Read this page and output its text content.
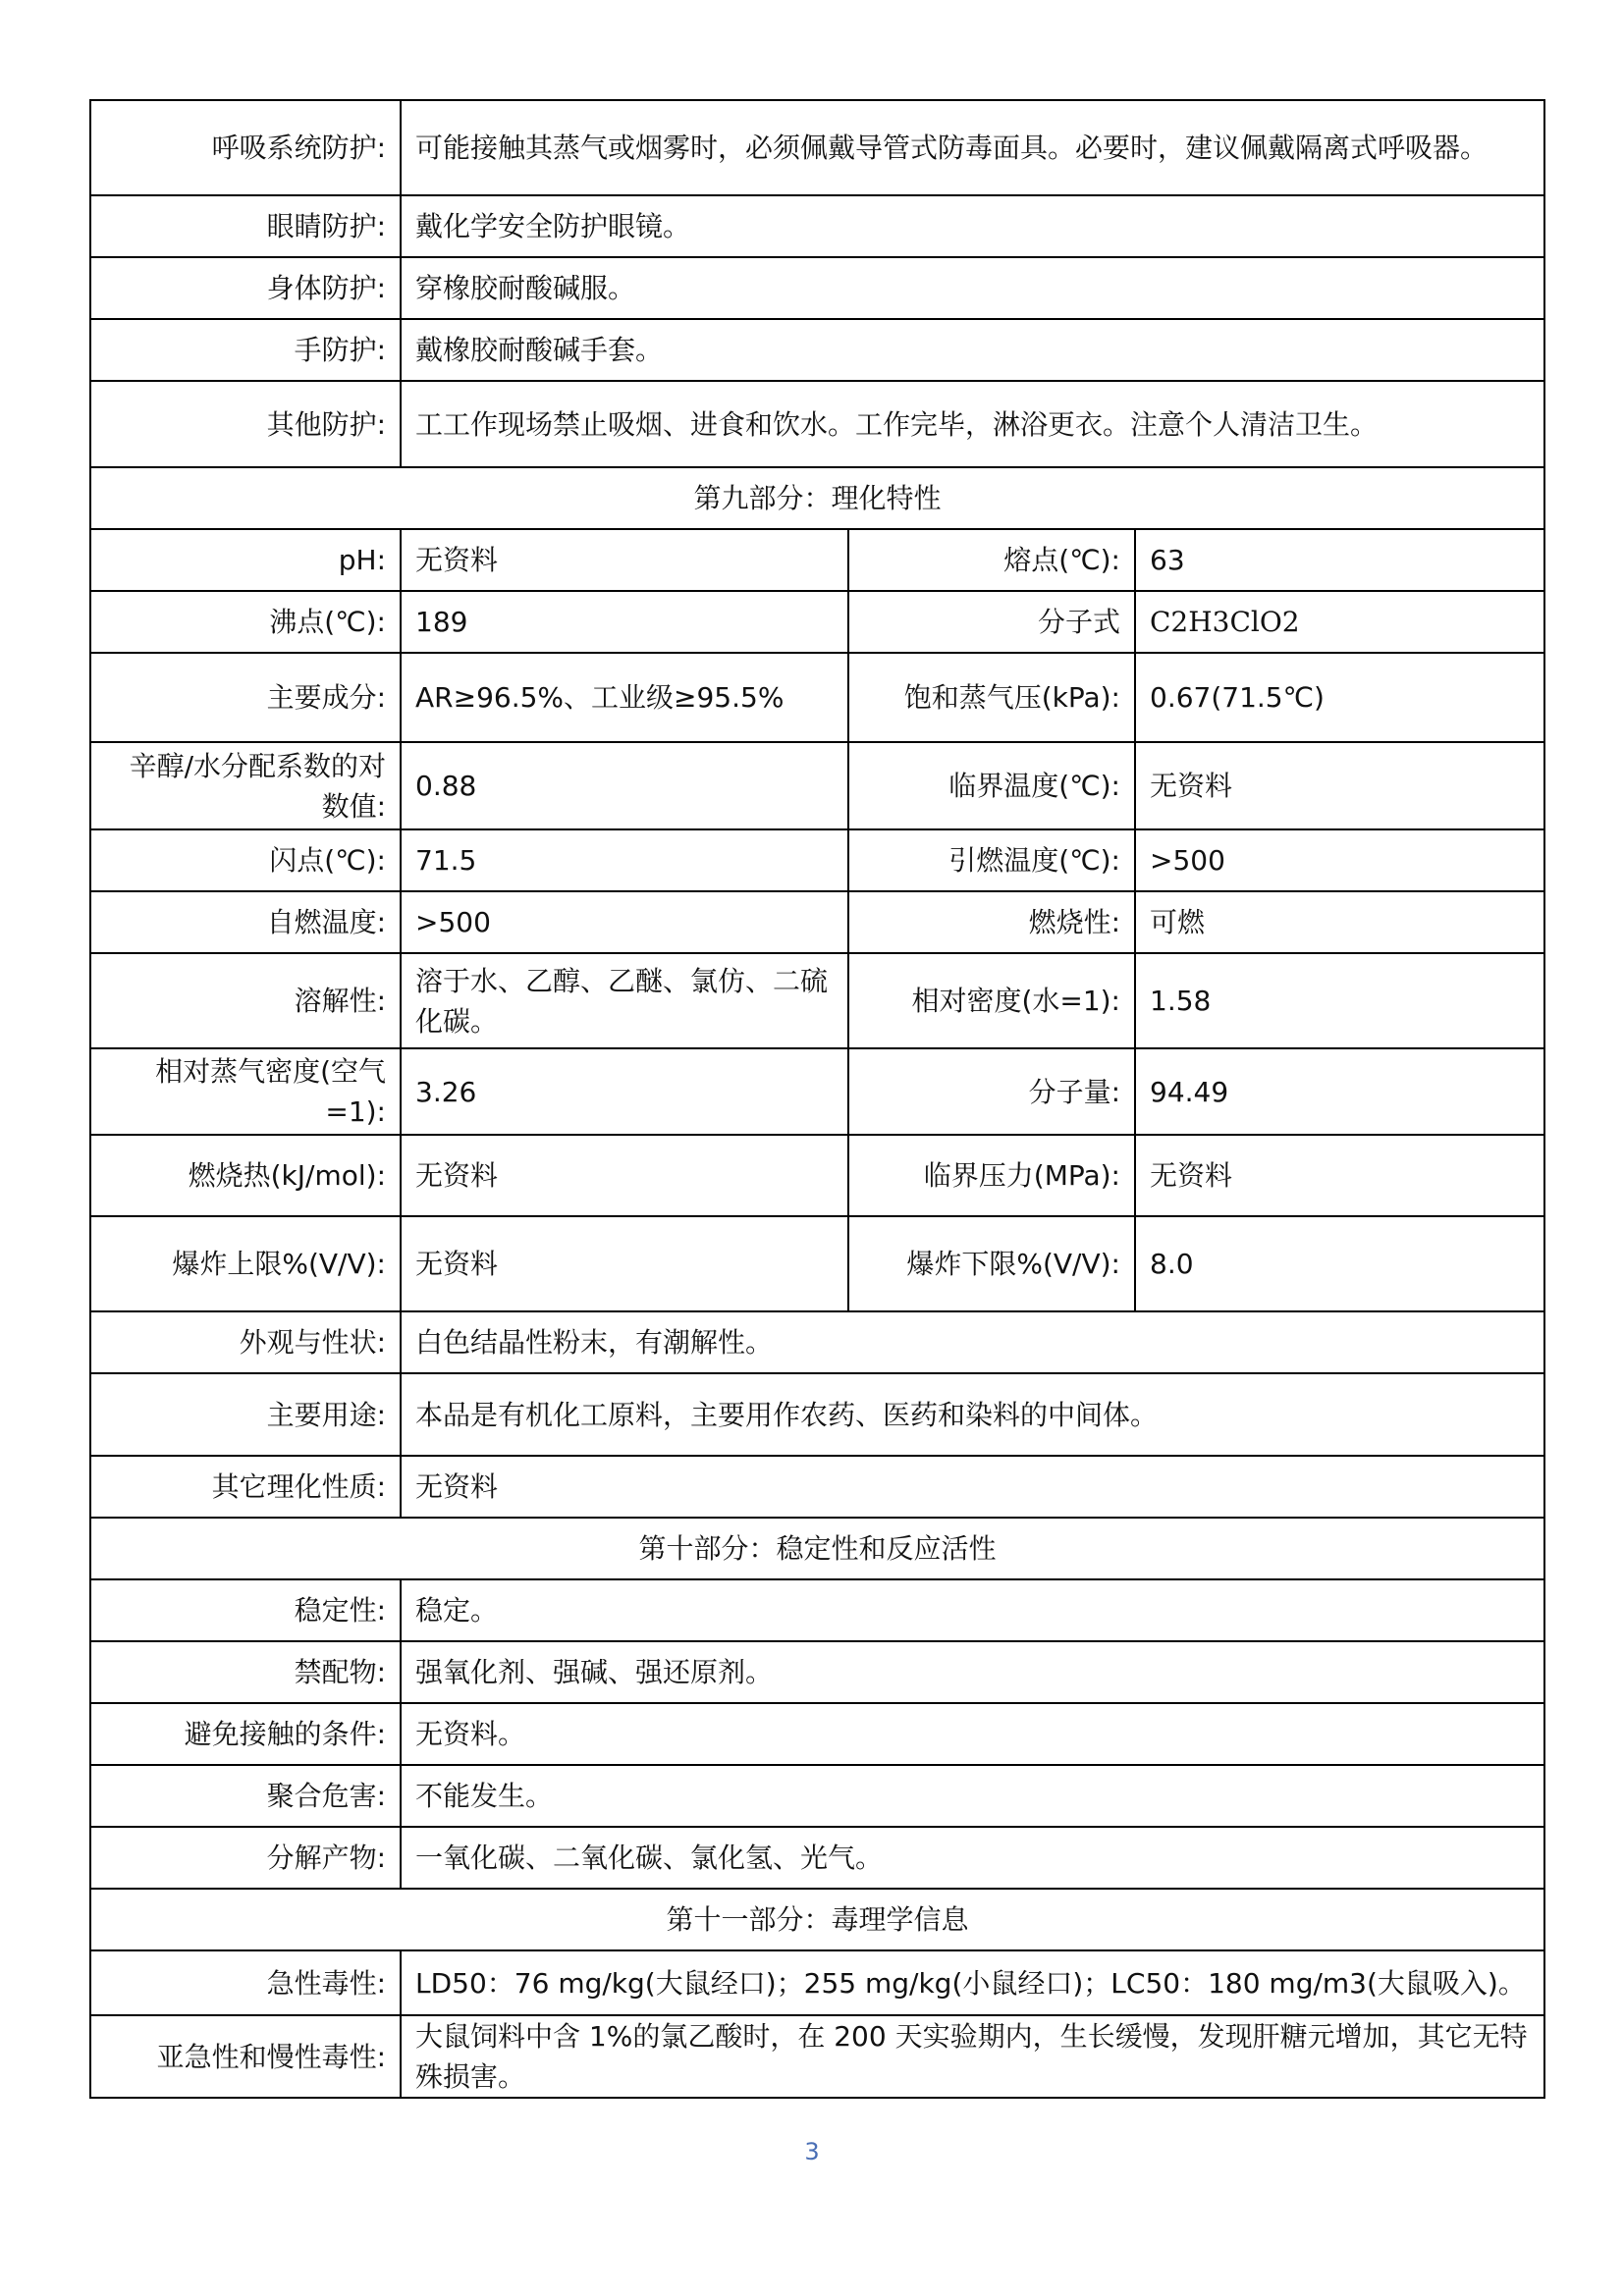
呼吸系统防护:	可能接触其蒸气或烟雾时，必须佩戴导管式防毒面具。必要时，建议佩戴隔离式呼吸器。		
眼睛防护:	戴化学安全防护眼镜。		
身体防护:	穿橡胶耐酸碱服。		
手防护:	戴橡胶耐酸碱手套。		
其他防护:	工工作现场禁止吸烟、进食和饮水。工作完毕，淋浴更衣。注意个人清洁卫生。		
第九部分：理化特性			
pH:	无资料	熔点(℃):	63
沸点(℃):	189	分子式	C2H3ClO2
主要成分:	AR≥96.5%、工业级≥95.5%	饱和蒸气压(kPa):	0.67(71.5℃)
辛醇/水分配系数的对数值:	0.88	临界温度(℃):	无资料
闪点(℃):	71.5	引燃温度(℃):	>500
自燃温度:	>500	燃烧性:	可燃
溶解性:	溶于水、乙醇、乙醚、氯仿、二硫化碳。	相对密度(水=1):	1.58
相对蒸气密度(空气=1):	3.26	分子量:	94.49
燃烧热(kJ/mol):	无资料	临界压力(MPa):	无资料
爆炸上限%(V/V):	无资料	爆炸下限%(V/V):	8.0
外观与性状:	白色结晶性粉末，有潮解性。		
主要用途:	本品是有机化工原料，主要用作农药、医药和染料的中间体。		
其它理化性质:	无资料		
第十部分：稳定性和反应活性			
稳定性:	稳定。		
禁配物:	强氧化剂、强碱、强还原剂。		
避免接触的条件:	无资料。		
聚合危害:	不能发生。		
分解产物:	一氧化碳、二氧化碳、氯化氢、光气。		
第十一部分：毒理学信息			
急性毒性:	LD50：76 mg/kg(大鼠经口)；255 mg/kg(小鼠经口)；LC50：180 mg/m3(大鼠吸入)。		
亚急性和慢性毒性:	大鼠饲料中含 1%的氯乙酸时，在 200 天实验期内，生长缓慢，发现肝糖元增加，其它无特殊损害。		
3
